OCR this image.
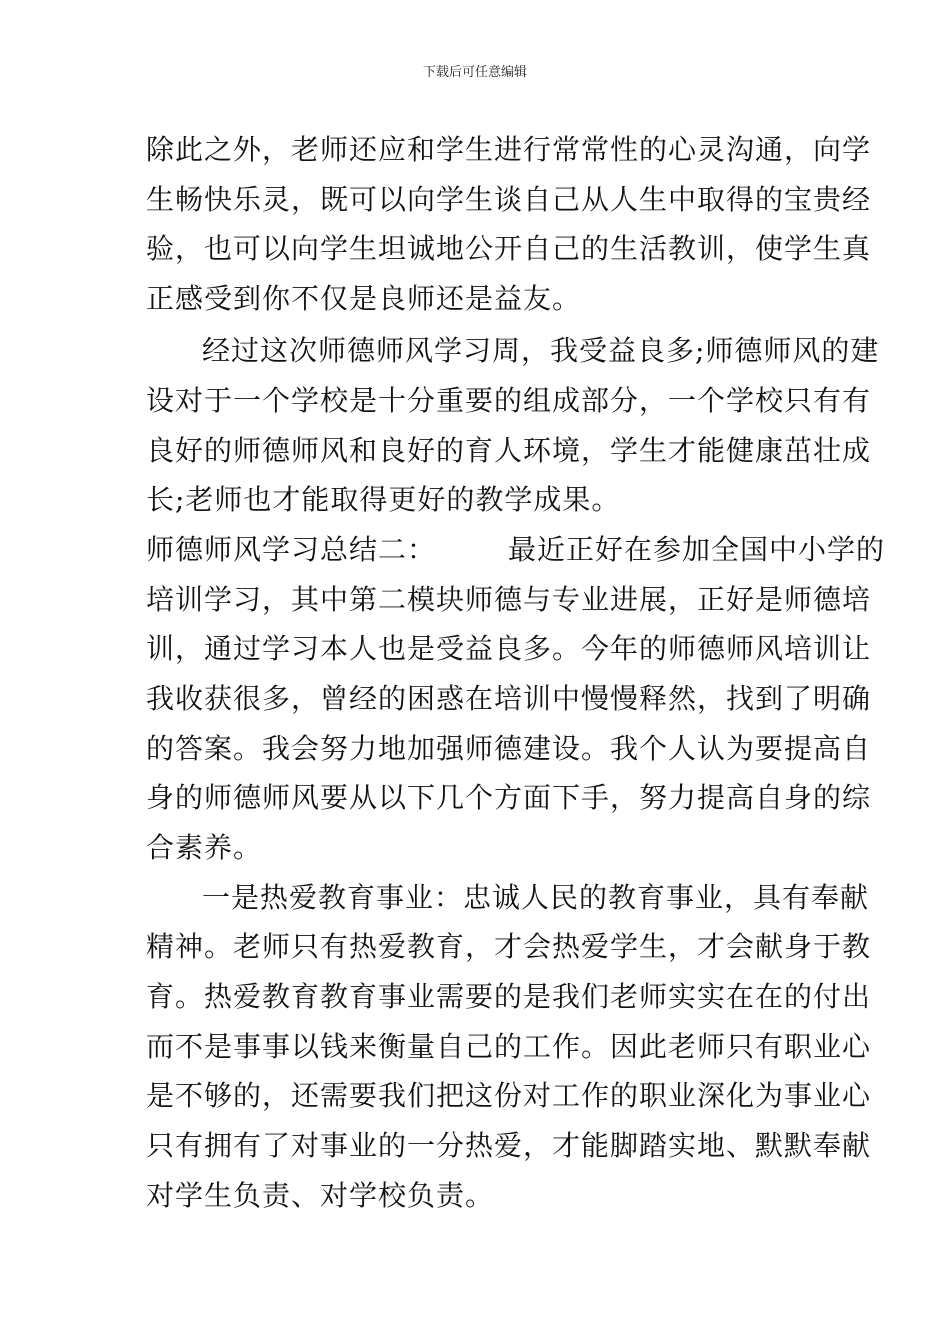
下载后可任意编辑
除此之外，老师还应和学生进行常常性的心灵沟通，向学
生畅快乐灵，既可以向学生谈自己从人生中取得的宝贵经
验，也可以向学生坦诚地公开自己的生活教训，使学生真
正感受到你不仅是良师还是益友。
经过这次师德师风学习周，我受益良多;师德师风的建
设对于一个学校是十分重要的组成部分，一个学校只有有
良好的师德师风和良好的育人环境，学生才能健康茁壮成
长;老师也才能取得更好的教学成果。
师德师风学习总结二：	最近正好在参加全国中小学的
培训学习，其中第二模块师德与专业进展，正好是师德培
训，通过学习本人也是受益良多。今年的师德师风培训让
我收获很多，曾经的困惑在培训中慢慢释然，找到了明确
的答案。我会努力地加强师德建设。我个人认为要提高自
身的师德师风要从以下几个方面下手，努力提高自身的综
合素养。
一是热爱教育事业：忠诚人民的教育事业，具有奉献
精神。老师只有热爱教育，才会热爱学生，才会献身于教
育。热爱教育教育事业需要的是我们老师实实在在的付出
而不是事事以钱来衡量自己的工作。因此老师只有职业心
是不够的，还需要我们把这份对工作的职业深化为事业心
只有拥有了对事业的一分热爱，才能脚踏实地、默默奉献
对学生负责、对学校负责。
